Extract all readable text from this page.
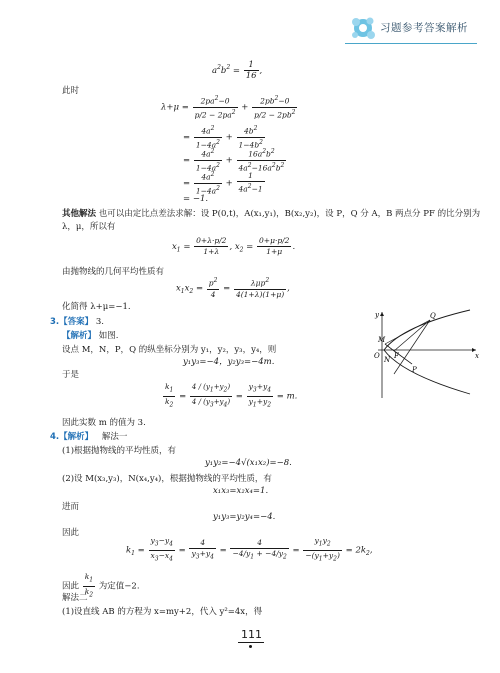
习题参考答案解析
$a^2b^2 = \frac{1}{16}$ ,
此时
$\lambda+\mu = \frac{2pa^2-0}{p/2 - 2pa^2} + \frac{2pb^2-0}{p/2 - 2pb^2}$
= $\frac{4a^2}{1-4a^2} + \frac{4b^2}{1-4b^2}$
= $\frac{4a^2}{1-4a^2} + \frac{16a^2b^2}{4a^2-16a^2b^2}$
= $\frac{4a^2}{1-4a^2} + \frac{1}{4a^2-1}$
= −1.
其他解法 也可以由定比点差法求解：设 P(0,t)，A(x₁,y₁)，B(x₂,y₂)，设 P，Q 分 A，B 两点分 PF 的比分别为
λ，μ，所以有
$x_1 = \frac{0+\lambda\cdot p/2}{1+\lambda}$ , $x_2 = \frac{0+\mu\cdot p/2}{1+\mu}$ .
由抛物线的几何平均性质有
$x_1x_2 = \frac{p^2}{4} = \frac{\lambda\mu p^2}{4(1+\lambda)(1+\mu)}$ ,
化简得 λ+μ=−1.
3.【答案】 3.
【解析】 如图.
设点 M，N，P，Q 的纵坐标分别为 y₁，y₂，y₃，y₄，则
y₁y₃=−4，y₂y₃=−4m.
于是
$\frac{k_1}{k_2} = \frac{4 / (y_1+y_2)}{4 / (y_3+y_4)} = \frac{y_3+y_4}{y_1+y_2} = m$.
因此实数 m 的值为 3.
y
x
O
Q
M
N F
P
4.【解析】 解法一
(1)根据抛物线的平均性质，有
y₁y₂=−4√(x₁x₂)=−8.
(2)设 M(x₃,y₃)，N(x₄,y₄)，根据抛物线的平均性质，有
x₁x₃=x₂x₄=1.
进而
y₁y₃=y₂y₄=−4.
因此
$k_1 = \frac{y_3-y_4}{x_3-x_4} = \frac{4}{y_3+y_4} = \frac{4}{-4/y_1 + -4/y_2} = \frac{y_1y_2}{-(y_1+y_2)} = 2k_2$,
因此 $\frac{k_1}{k_2}$ 为定值−2.
解法二
(1)设直线 AB 的方程为 x=my+2，代入 y²=4x，得
111
